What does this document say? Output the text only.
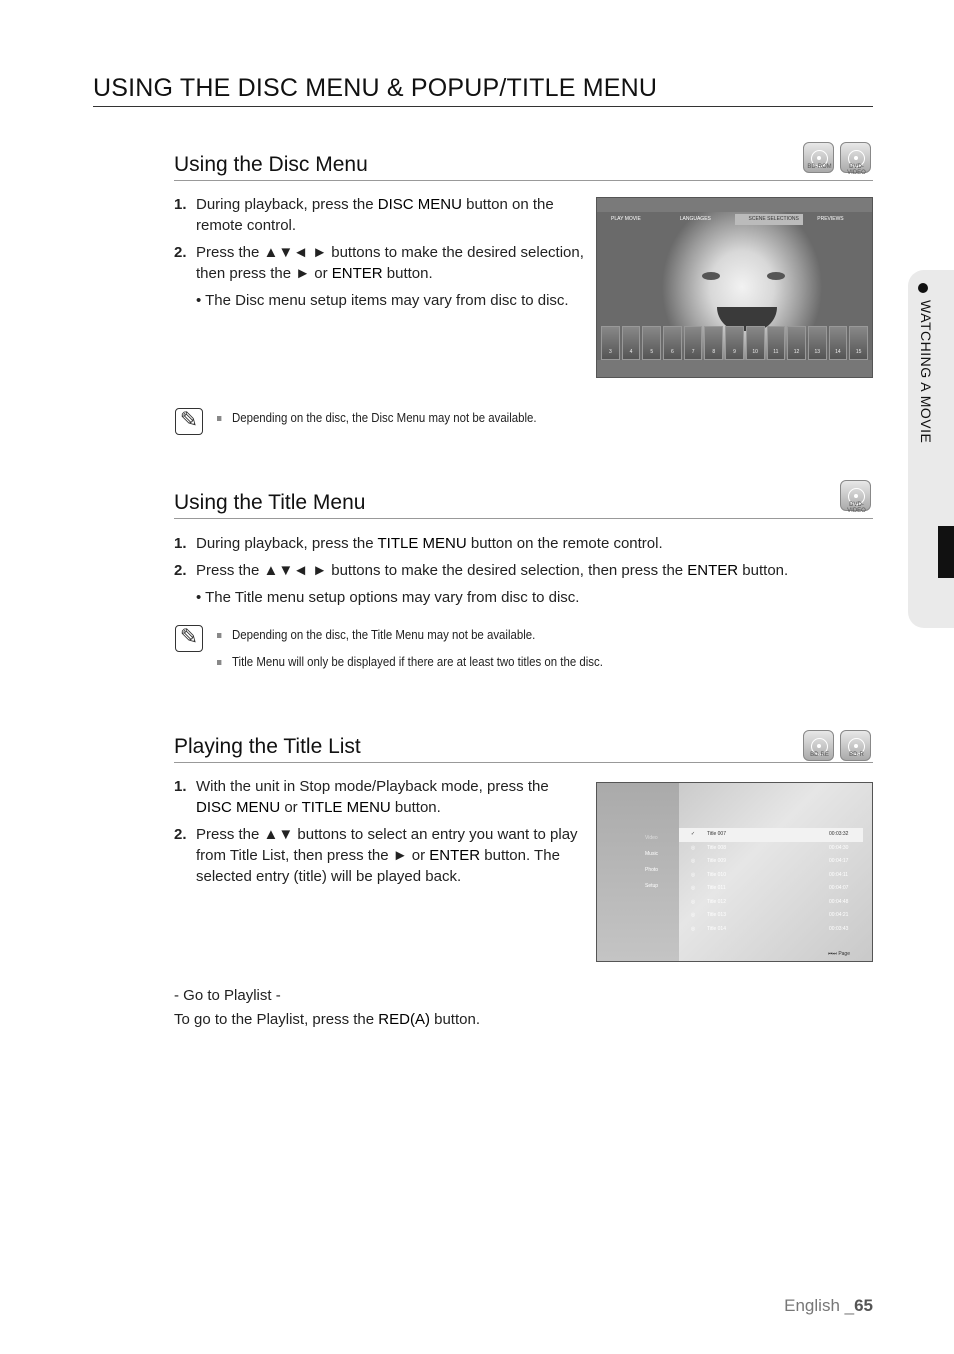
USING THE DISC MENU & POPUP/TITLE MENU
WATCHING A MOVIE
Using the Disc Menu	BD-ROM	DVD-VIDEO
1. During playback, press the DISC MENU button on the remote control.
2. Press the ▲▼◄ ► buttons to make the desired selection, then press the ► or ENTER button.
• The Disc menu setup items may vary from disc to disc.
PLAY MOVIE	LANGUAGES	SCENE SELECTIONS	PREVIEWS
3	4	5	6	7	8	9	10	11	12	13	14	15
✎	Depending on the disc, the Disc Menu may not be available.
Using the Title Menu	DVD-VIDEO
1. During playback, press the TITLE MENU button on the remote control.
2. Press the ▲▼◄ ► buttons to make the desired selection, then press the ENTER button.
• The Title menu setup options may vary from disc to disc.
✎	Depending on the disc, the Title Menu may not be available.
Title Menu will only be displayed if there are at least two titles on the disc.
Playing the Title List	BD-RE	BD-R
1. With the unit in Stop mode/Playback mode, press the DISC MENU or TITLE MENU button.
2. Press the ▲▼ buttons to select an entry you want to play from Title List, then press the ► or ENTER button. The selected entry (title) will be played back.
Video
Music
Photo
Setup
✓	Title 007	00:03:32
◎	Title 008	00:04:30
◎	Title 009	00:04:17
◎	Title 010	00:04:11
◎	Title 011	00:04:07
◎	Title 012	00:04:48
◎	Title 013	00:04:21
◎	Title 014	00:03:43
⏮⏭ Page
- Go to Playlist -
To go to the Playlist, press the RED(A) button.
English _65
